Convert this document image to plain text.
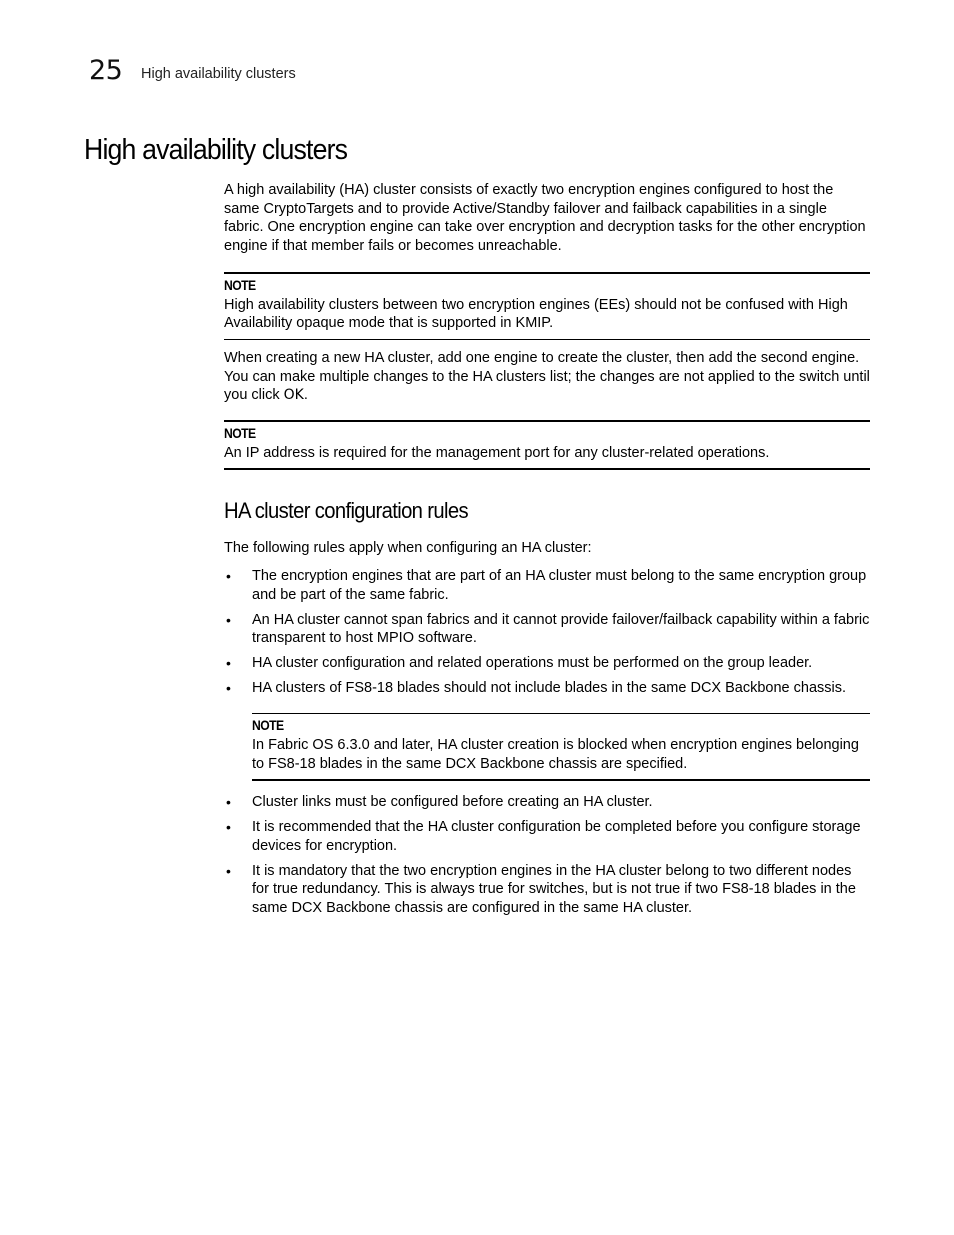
25 High availability clusters
High availability clusters

A high availability (HA) cluster consists of exactly two encryption engines configured to host the same CryptoTargets and to provide Active/Standby failover and failback capabilities in a single fabric. One encryption engine can take over encryption and decryption tasks for the other encryption engine if that member fails or becomes unreachable.

NOTE

High availability clusters between two encryption engines (EEs) should not be confused with High Availability opaque mode that is supported in KMIP.

When creating a new HA cluster, add one engine to create the cluster, then add the second engine. You can make multiple changes to the HA clusters list; the changes are not applied to the switch until you click OK.

NOTE

An IP address is required for the management port for any cluster-related operations.

HA cluster configuration rules

The following rules apply when configuring an HA cluster:

• The encryption engines that are part of an HA cluster must belong to the same encryption group and be part of the same fabric.
• An HA cluster cannot span fabrics and it cannot provide failover/failback capability within a fabric transparent to host MPIO software.
• HA cluster configuration and related operations must be performed on the group leader.
• HA clusters of FS8-18 blades should not include blades in the same DCX Backbone chassis.
NOTE

In Fabric OS 6.3.0 and later, HA cluster creation is blocked when encryption engines belonging to FS8-18 blades in the same DCX Backbone chassis are specified.

• Cluster links must be configured before creating an HA cluster.
• It is recommended that the HA cluster configuration be completed before you configure storage devices for encryption.
• It is mandatory that the two encryption engines in the HA cluster belong to two different nodes for true redundancy. This is always true for switches, but is not true if two FS8-18 blades in the same DCX Backbone chassis are configured in the same HA cluster.
